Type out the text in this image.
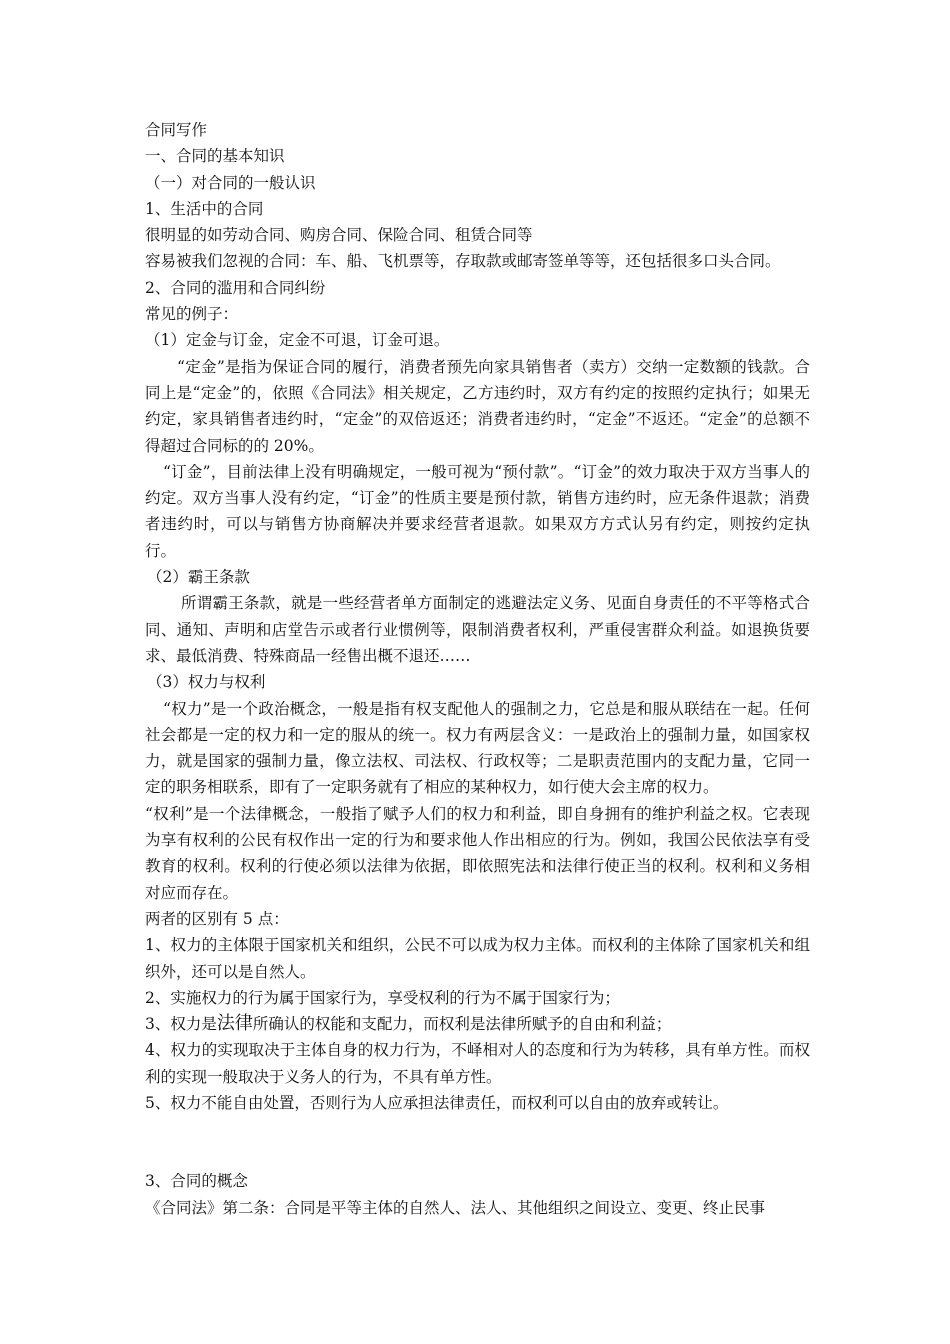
合同写作

一、合同的基本知识

（一）对合同的一般认识

1、生活中的合同

很明显的如劳动合同、购房合同、保险合同、租赁合同等

容易被我们忽视的合同：车、船、飞机票等，存取款或邮寄签单等等，还包括很多口头合同。

2、合同的滥用和合同纠纷

常见的例子：

（1）定金与订金，定金不可退，订金可退。

“定金”是指为保证合同的履行，消费者预先向家具销售者（卖方）交纳一定数额的钱款。合同上是“定金”的，依照《合同法》相关规定，乙方违约时，双方有约定的按照约定执行；如果无约定，家具销售者违约时，“定金”的双倍返还；消费者违约时，“定金”不返还。“定金”的总额不得超过合同标的的 20%。

“订金”，目前法律上没有明确规定，一般可视为“预付款”。“订金”的效力取决于双方当事人的约定。双方当事人没有约定，“订金”的性质主要是预付款，销售方违约时，应无条件退款；消费者违约时，可以与销售方协商解决并要求经营者退款。如果双方方式认另有约定，则按约定执行。

（2）霸王条款

所谓霸王条款，就是一些经营者单方面制定的逃避法定义务、见面自身责任的不平等格式合同、通知、声明和店堂告示或者行业惯例等，限制消费者权利，严重侵害群众利益。如退换货要求、最低消费、特殊商品一经售出概不退还……

（3）权力与权利

“权力”是一个政治概念，一般是指有权支配他人的强制之力，它总是和服从联结在一起。任何社会都是一定的权力和一定的服从的统一。权力有两层含义：一是政治上的强制力量，如国家权力，就是国家的强制力量，像立法权、司法权、行政权等；二是职责范围内的支配力量，它同一定的职务相联系，即有了一定职务就有了相应的某种权力，如行使大会主席的权力。

“权利”是一个法律概念，一般指了赋予人们的权力和利益，即自身拥有的维护利益之权。它表现为享有权利的公民有权作出一定的行为和要求他人作出相应的行为。例如，我国公民依法享有受教育的权利。权利的行使必须以法律为依据，即依照宪法和法律行使正当的权利。权利和义务相对应而存在。

两者的区别有 5 点：

1、权力的主体限于国家机关和组织，公民不可以成为权力主体。而权利的主体除了国家机关和组织外，还可以是自然人。

2、实施权力的行为属于国家行为，享受权利的行为不属于国家行为；

3、权力是法律所确认的权能和支配力，而权利是法律所赋予的自由和利益；

4、权力的实现取决于主体自身的权力行为，不峄相对人的态度和行为为转移，具有单方性。而权利的实现一般取决于义务人的行为，不具有单方性。

5、权力不能自由处置，否则行为人应承担法律责任，而权利可以自由的放弃或转让。

3、合同的概念

《合同法》第二条：合同是平等主体的自然人、法人、其他组织之间设立、变更、终止民事
